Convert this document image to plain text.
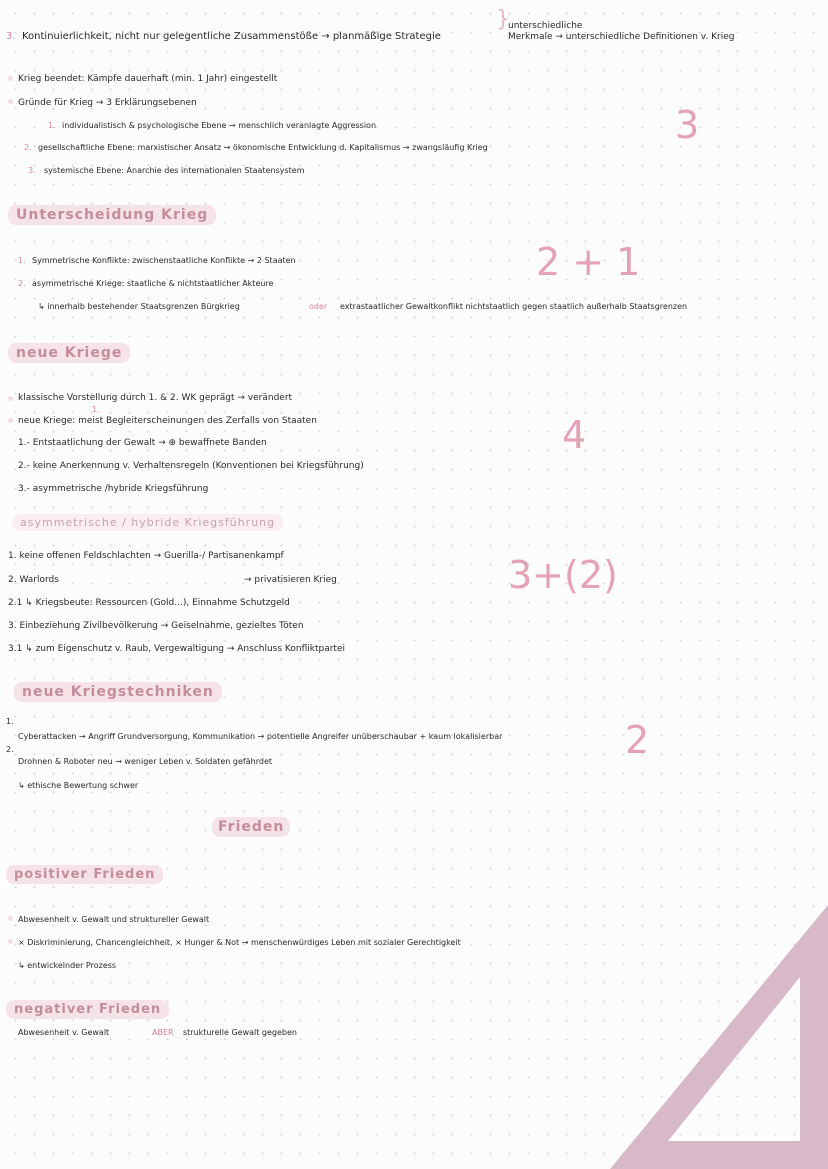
3. Kontinuierlichkeit, nicht nur gelegentliche Zusammenstöße → planmäßige Strategie
}
unterschiedliche
Merkmale → unterschiedliche Definitionen v. Krieg
Krieg beendet: Kämpfe dauerhaft (min. 1 Jahr) eingestellt
Gründe für Krieg → 3 Erklärungsebenen
1. individualistisch & psychologische Ebene → menschlich veranlagte Aggression
2. gesellschaftliche Ebene: marxistischer Ansatz → ökonomische Entwicklung d. Kapitalismus → zwangsläufig Krieg
3. systemische Ebene: Anarchie des internationalen Staatensystem
3
Unterscheidung Krieg
1. Symmetrische Konflikte: zwischenstaatliche Konflikte → 2 Staaten
2. asymmetrische Kriege: staatliche & nichtstaatlicher Akteure
↳ innerhalb bestehender Staatsgrenzen Bürgkrieg	oder extrastaatlicher Gewaltkonflikt nichtstaatlich gegen staatlich außerhalb Staatsgrenzen
2 + 1
neue Kriege
klassische Vorstellung durch 1. & 2. WK geprägt → verändert
1.
neue Kriege: meist Begleiterscheinungen des Zerfalls von Staaten
1.- Entstaatlichung der Gewalt → ⊕ bewaffnete Banden
2.- keine Anerkennung v. Verhaltensregeln (Konventionen bei Kriegsführung)
3.- asymmetrische /hybride Kriegsführung
4
asymmetrische / hybride Kriegsführung
1. keine offenen Feldschlachten → Guerilla-/ Partisanenkampf
2. Warlords	→ privatisieren Krieg
2.1 ↳ Kriegsbeute: Ressourcen (Gold...), Einnahme Schutzgeld
3. Einbeziehung Zivilbevölkerung → Geiselnahme, gezieltes Töten
3.1 ↳ zum Eigenschutz v. Raub, Vergewaltigung → Anschluss Konfliktpartei
3+(2)
neue Kriegstechniken
1.
Cyberattacken → Angriff Grundversorgung, Kommunikation → potentielle Angreifer unüberschaubar + kaum lokalisierbar
2.
Drohnen & Roboter neu → weniger Leben v. Soldaten gefährdet
↳ ethische Bewertung schwer
2
Frieden
positiver Frieden
Abwesenheit v. Gewalt und struktureller Gewalt
× Diskriminierung, Chancengleichheit, × Hunger & Not → menschenwürdiges Leben mit sozialer Gerechtigkeit
↳ entwickelnder Prozess
negativer Frieden
Abwesenheit v. Gewalt	ABER strukturelle Gewalt gegeben
